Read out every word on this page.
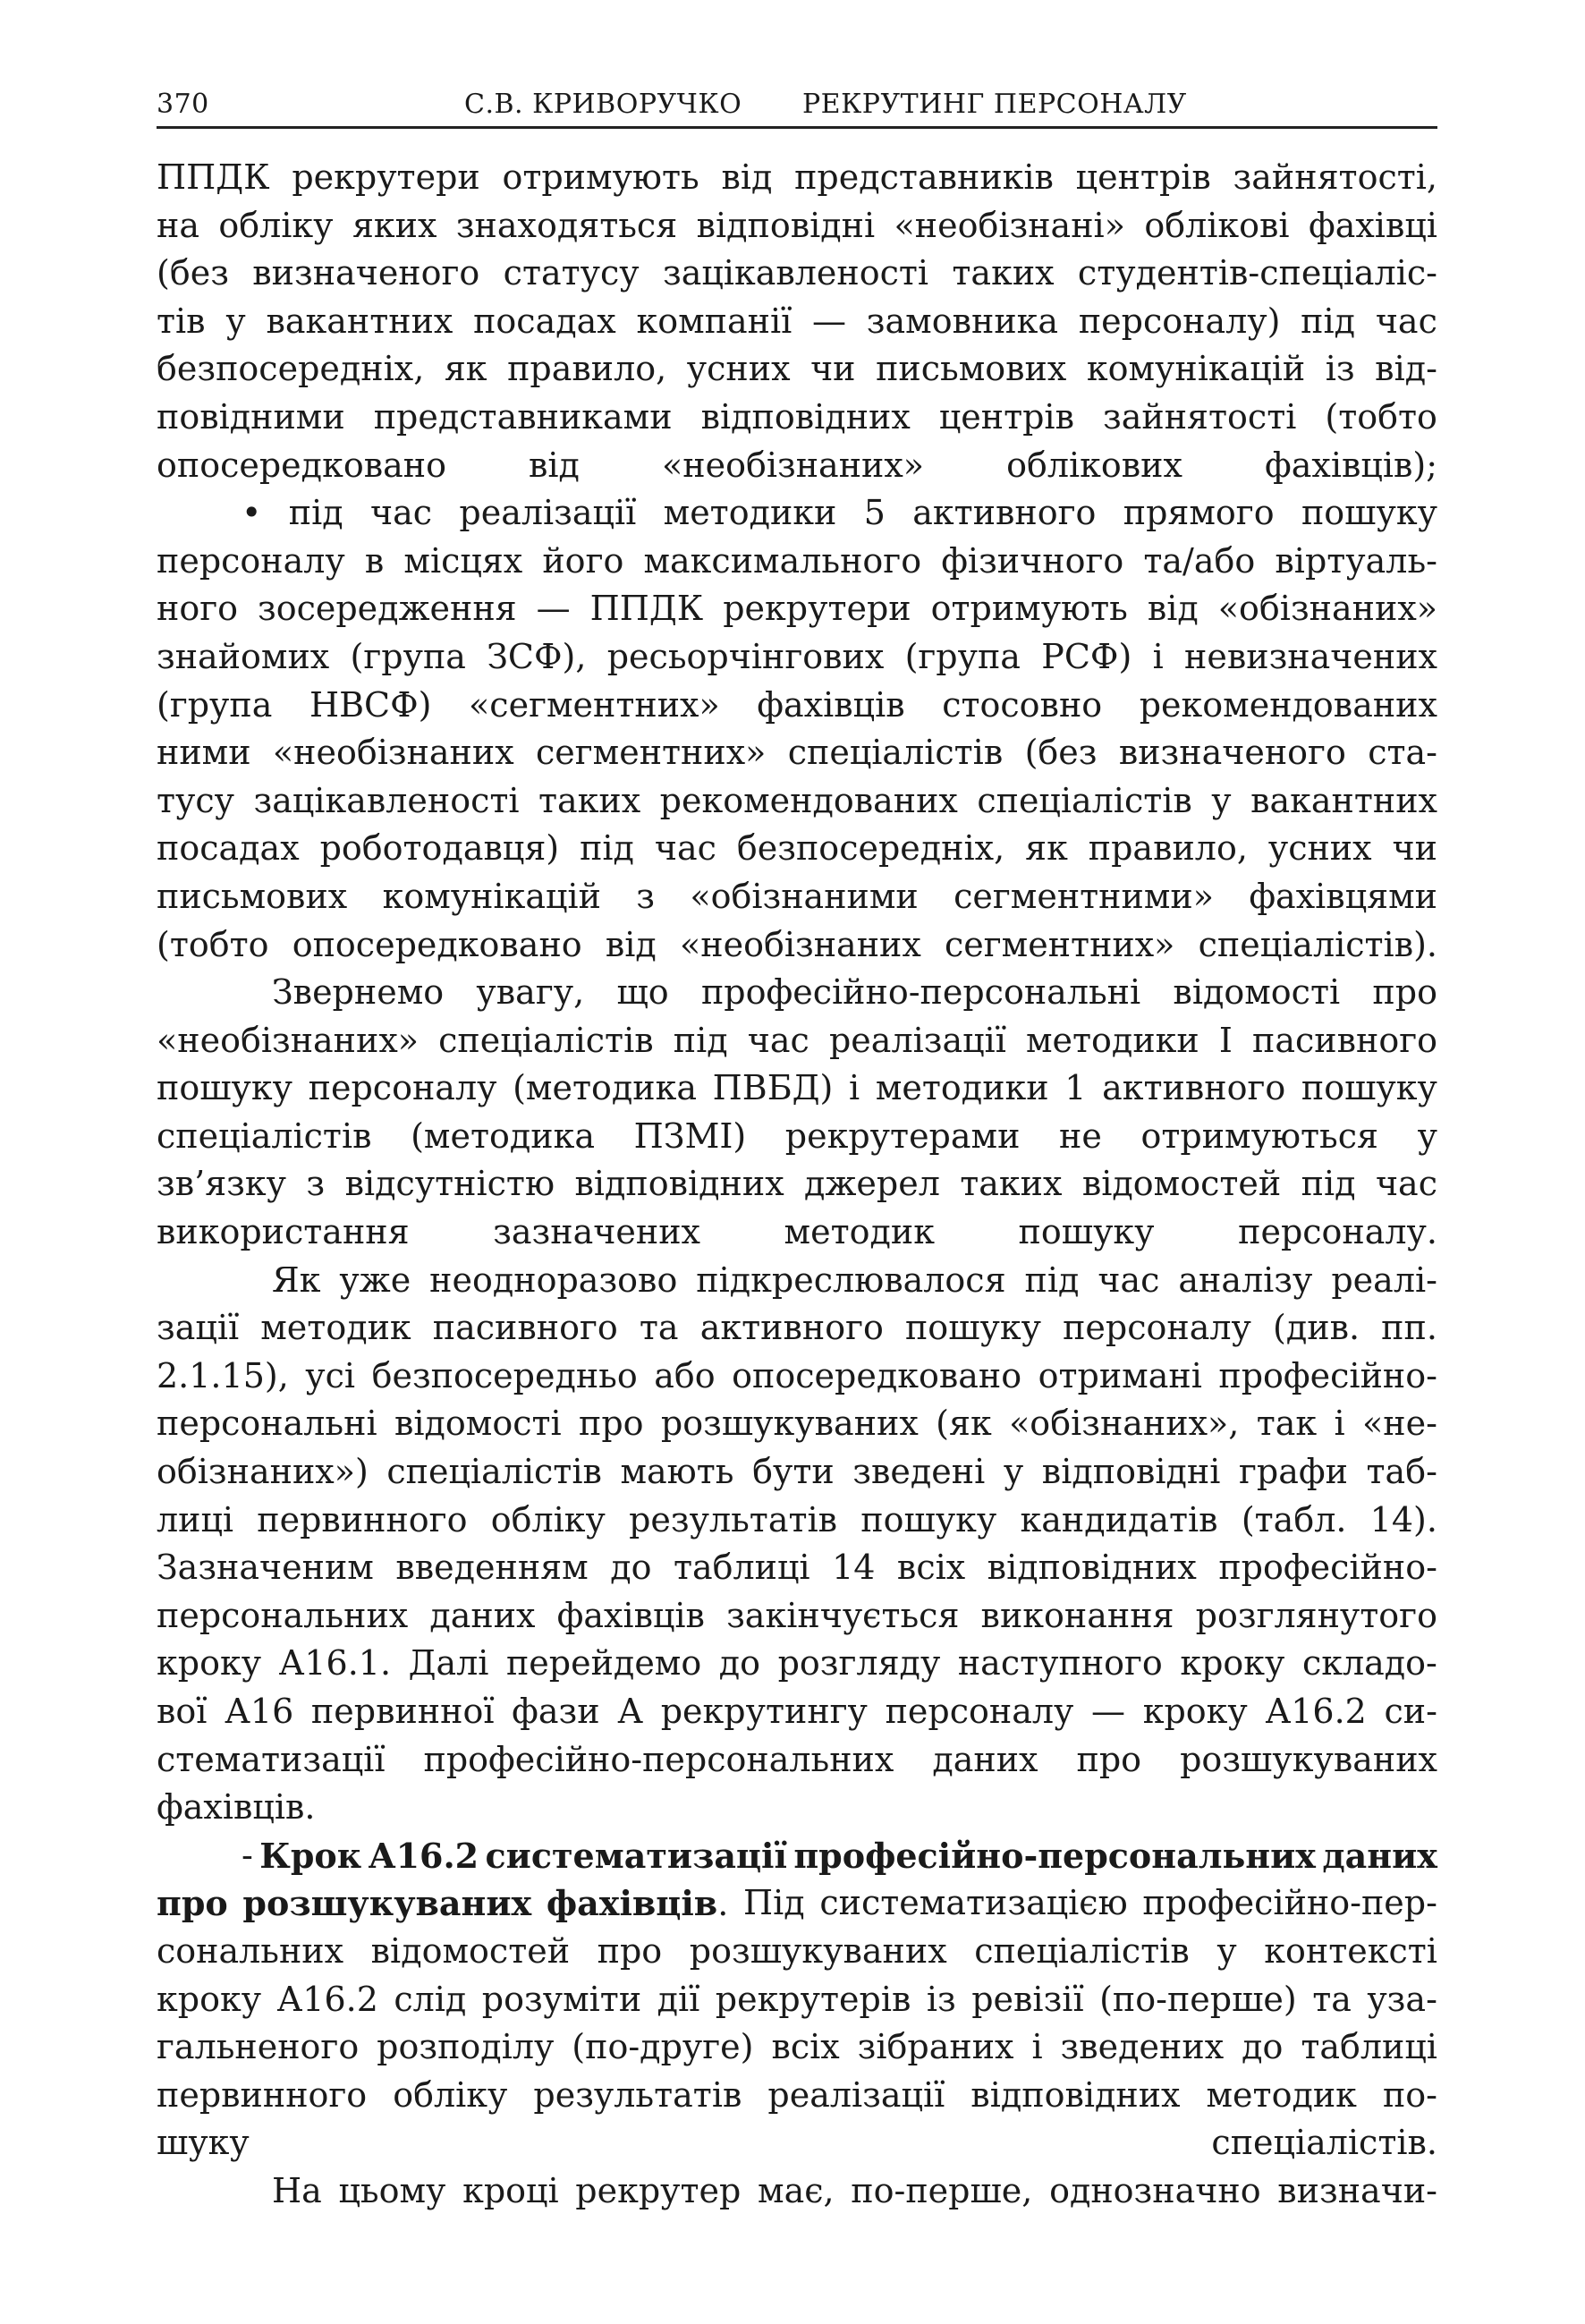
370	С.В. КРИВОРУЧКО РЕКРУТИНГ ПЕРСОНАЛУ
ППДК рекрутери отримують від представників центрів зайнятості,
на обліку яких знаходяться відповідні «необізнані» облікові фахівці
(без визначеного статусу зацікавленості таких студентів-спеціаліс-
тів у вакантних посадах компанії — замовника персоналу) під час
безпосередніх, як правило, усних чи письмових комунікацій із від-
повідними представниками відповідних центрів зайнятості (тобто
опосередковано від «необізнаних» облікових фахівців);
• під час реалізації методики 5 активного прямого пошуку
персоналу в місцях його максимального фізичного та/або віртуаль-
ного зосередження — ППДК рекрутери отримують від «обізнаних»
знайомих (група ЗСФ), ресьорчінгових (група РСФ) і невизначених
(група НВСФ) «сегментних» фахівців стосовно рекомендованих
ними «необізнаних сегментних» спеціалістів (без визначеного ста-
тусу зацікавленості таких рекомендованих спеціалістів у вакантних
посадах роботодавця) під час безпосередніх, як правило, усних чи
письмових комунікацій з «обізнаними сегментними» фахівцями
(тобто опосередковано від «необізнаних сегментних» спеціалістів).
Звернемо увагу, що професійно-персональні відомості про
«необізнаних» спеціалістів під час реалізації методики І пасивного
пошуку персоналу (методика ПВБД) і методики 1 активного пошуку
спеціалістів (методика ПЗМІ) рекрутерами не отримуються у
зв’язку з відсутністю відповідних джерел таких відомостей під час
використання зазначених методик пошуку персоналу.
Як уже неодноразово підкреслювалося під час аналізу реалі-
зації методик пасивного та активного пошуку персоналу (див. пп.
2.1.15), усі безпосередньо або опосередковано отримані професійно-
персональні відомості про розшукуваних (як «обізнаних», так і «не-
обізнаних») спеціалістів мають бути зведені у відповідні графи таб-
лиці первинного обліку результатів пошуку кандидатів (табл. 14).
Зазначеним введенням до таблиці 14 всіх відповідних професійно-
персональних даних фахівців закінчується виконання розглянутого
кроку А16.1. Далі перейдемо до розгляду наступного кроку складо-
вої А16 первинної фази А рекрутингу персоналу — кроку А16.2 си-
стематизації професійно-персональних даних про розшукуваних
фахівців.
- Крок А16.2 систематизації професійно-персональних даних
про розшукуваних фахівців. Під систематизацією професійно-пер-
сональних відомостей про розшукуваних спеціалістів у контексті
кроку А16.2 слід розуміти дії рекрутерів із ревізії (по-перше) та уза-
гальненого розподілу (по-друге) всіх зібраних і зведених до таблиці
первинного обліку результатів реалізації відповідних методик по-
шуку спеціалістів.
На цьому кроці рекрутер має, по-перше, однозначно визначи-
